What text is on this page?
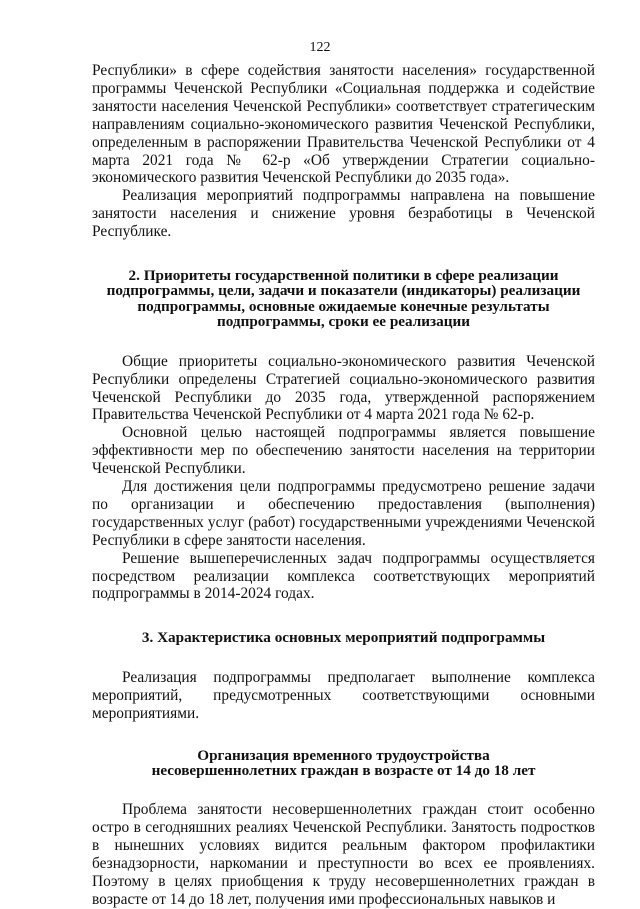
122

Республики» в сфере содействия занятости населения» государственной программы Чеченской Республики «Социальная поддержка и содействие занятости населения Чеченской Республики» соответствует стратегическим направлениям социально-экономического развития Чеченской Республики, определенным в распоряжении Правительства Чеченской Республики от 4 марта 2021 года № 62-р «Об утверждении Стратегии социально-экономического развития Чеченской Республики до 2035 года».

Реализация мероприятий подпрограммы направлена на повышение занятости населения и снижение уровня безработицы в Чеченской Республике.

2. Приоритеты государственной политики в сфере реализации
подпрограммы, цели, задачи и показатели (индикаторы) реализации
подпрограммы, основные ожидаемые конечные результаты
подпрограммы, сроки ее реализации

Общие приоритеты социально-экономического развития Чеченской Республики определены Стратегией социально-экономического развития Чеченской Республики до 2035 года, утвержденной распоряжением Правительства Чеченской Республики от 4 марта 2021 года № 62-р.

Основной целью настоящей подпрограммы является повышение эффективности мер по обеспечению занятости населения на территории Чеченской Республики.

Для достижения цели подпрограммы предусмотрено решение задачи по организации и обеспечению предоставления (выполнения) государственных услуг (работ) государственными учреждениями Чеченской Республики в сфере занятости населения.

Решение вышеперечисленных задач подпрограммы осуществляется посредством реализации комплекса соответствующих мероприятий подпрограммы в 2014-2024 годах.

3. Характеристика основных мероприятий подпрограммы

Реализация подпрограммы предполагает выполнение комплекса мероприятий, предусмотренных соответствующими основными мероприятиями.

Организация временного трудоустройства
несовершеннолетних граждан в возрасте от 14 до 18 лет

Проблема занятости несовершеннолетних граждан стоит особенно остро в сегодняшних реалиях Чеченской Республики. Занятость подростков в нынешних условиях видится реальным фактором профилактики безнадзорности, наркомании и преступности во всех ее проявлениях. Поэтому в целях приобщения к труду несовершеннолетних граждан в возрасте от 14 до 18 лет, получения ими профессиональных навыков и
